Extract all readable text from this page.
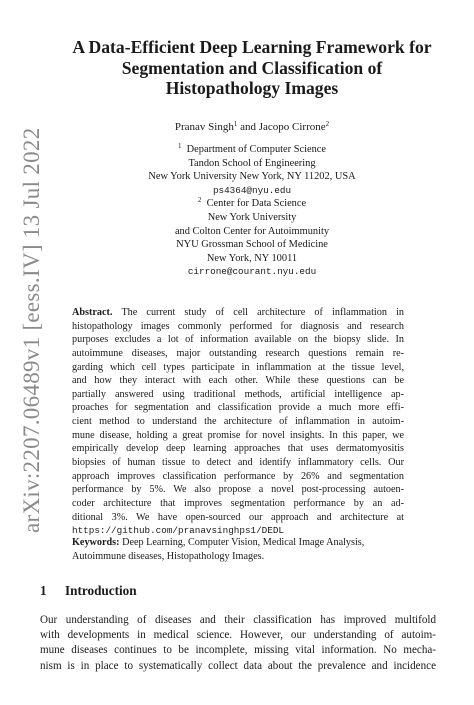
arXiv:2207.06489v1 [eess.IV] 13 Jul 2022
A Data-Efficient Deep Learning Framework for
Segmentation and Classification of
Histopathology Images
Pranav Singh$^1$ and Jacopo Cirrone$^2$
$^1$ Department of Computer Science
Tandon School of Engineering
New York University New York, NY 11202, USA
ps4364@nyu.edu
$^2$ Center for Data Science
New York University
and Colton Center for Autoimmunity
NYU Grossman School of Medicine
New York, NY 10011
cirrone@courant.nyu.edu
Abstract. The current study of cell architecture of inflammation in
histopathology images commonly performed for diagnosis and research
purposes excludes a lot of information available on the biopsy slide. In
autoimmune diseases, major outstanding research questions remain re-
garding which cell types participate in inflammation at the tissue level,
and how they interact with each other. While these questions can be
partially answered using traditional methods, artificial intelligence ap-
proaches for segmentation and classification provide a much more effi-
cient method to understand the architecture of inflammation in autoim-
mune disease, holding a great promise for novel insights. In this paper, we
empirically develop deep learning approaches that uses dermatomyositis
biopsies of human tissue to detect and identify inflammatory cells. Our
approach improves classification performance by 26% and segmentation
performance by 5%. We also propose a novel post-processing autoen-
coder architecture that improves segmentation performance by an ad-
ditional 3%. We have open-sourced our approach and architecture at
https://github.com/pranavsinghps1/DEDL
Keywords: Deep Learning, Computer Vision, Medical Image Analysis,
Autoimmune diseases, Histopathology Images.
1 Introduction
Our understanding of diseases and their classification has improved multifold
with developments in medical science. However, our understanding of autoim-
mune diseases continues to be incomplete, missing vital information. No mecha-
nism is in place to systematically collect data about the prevalence and incidence
